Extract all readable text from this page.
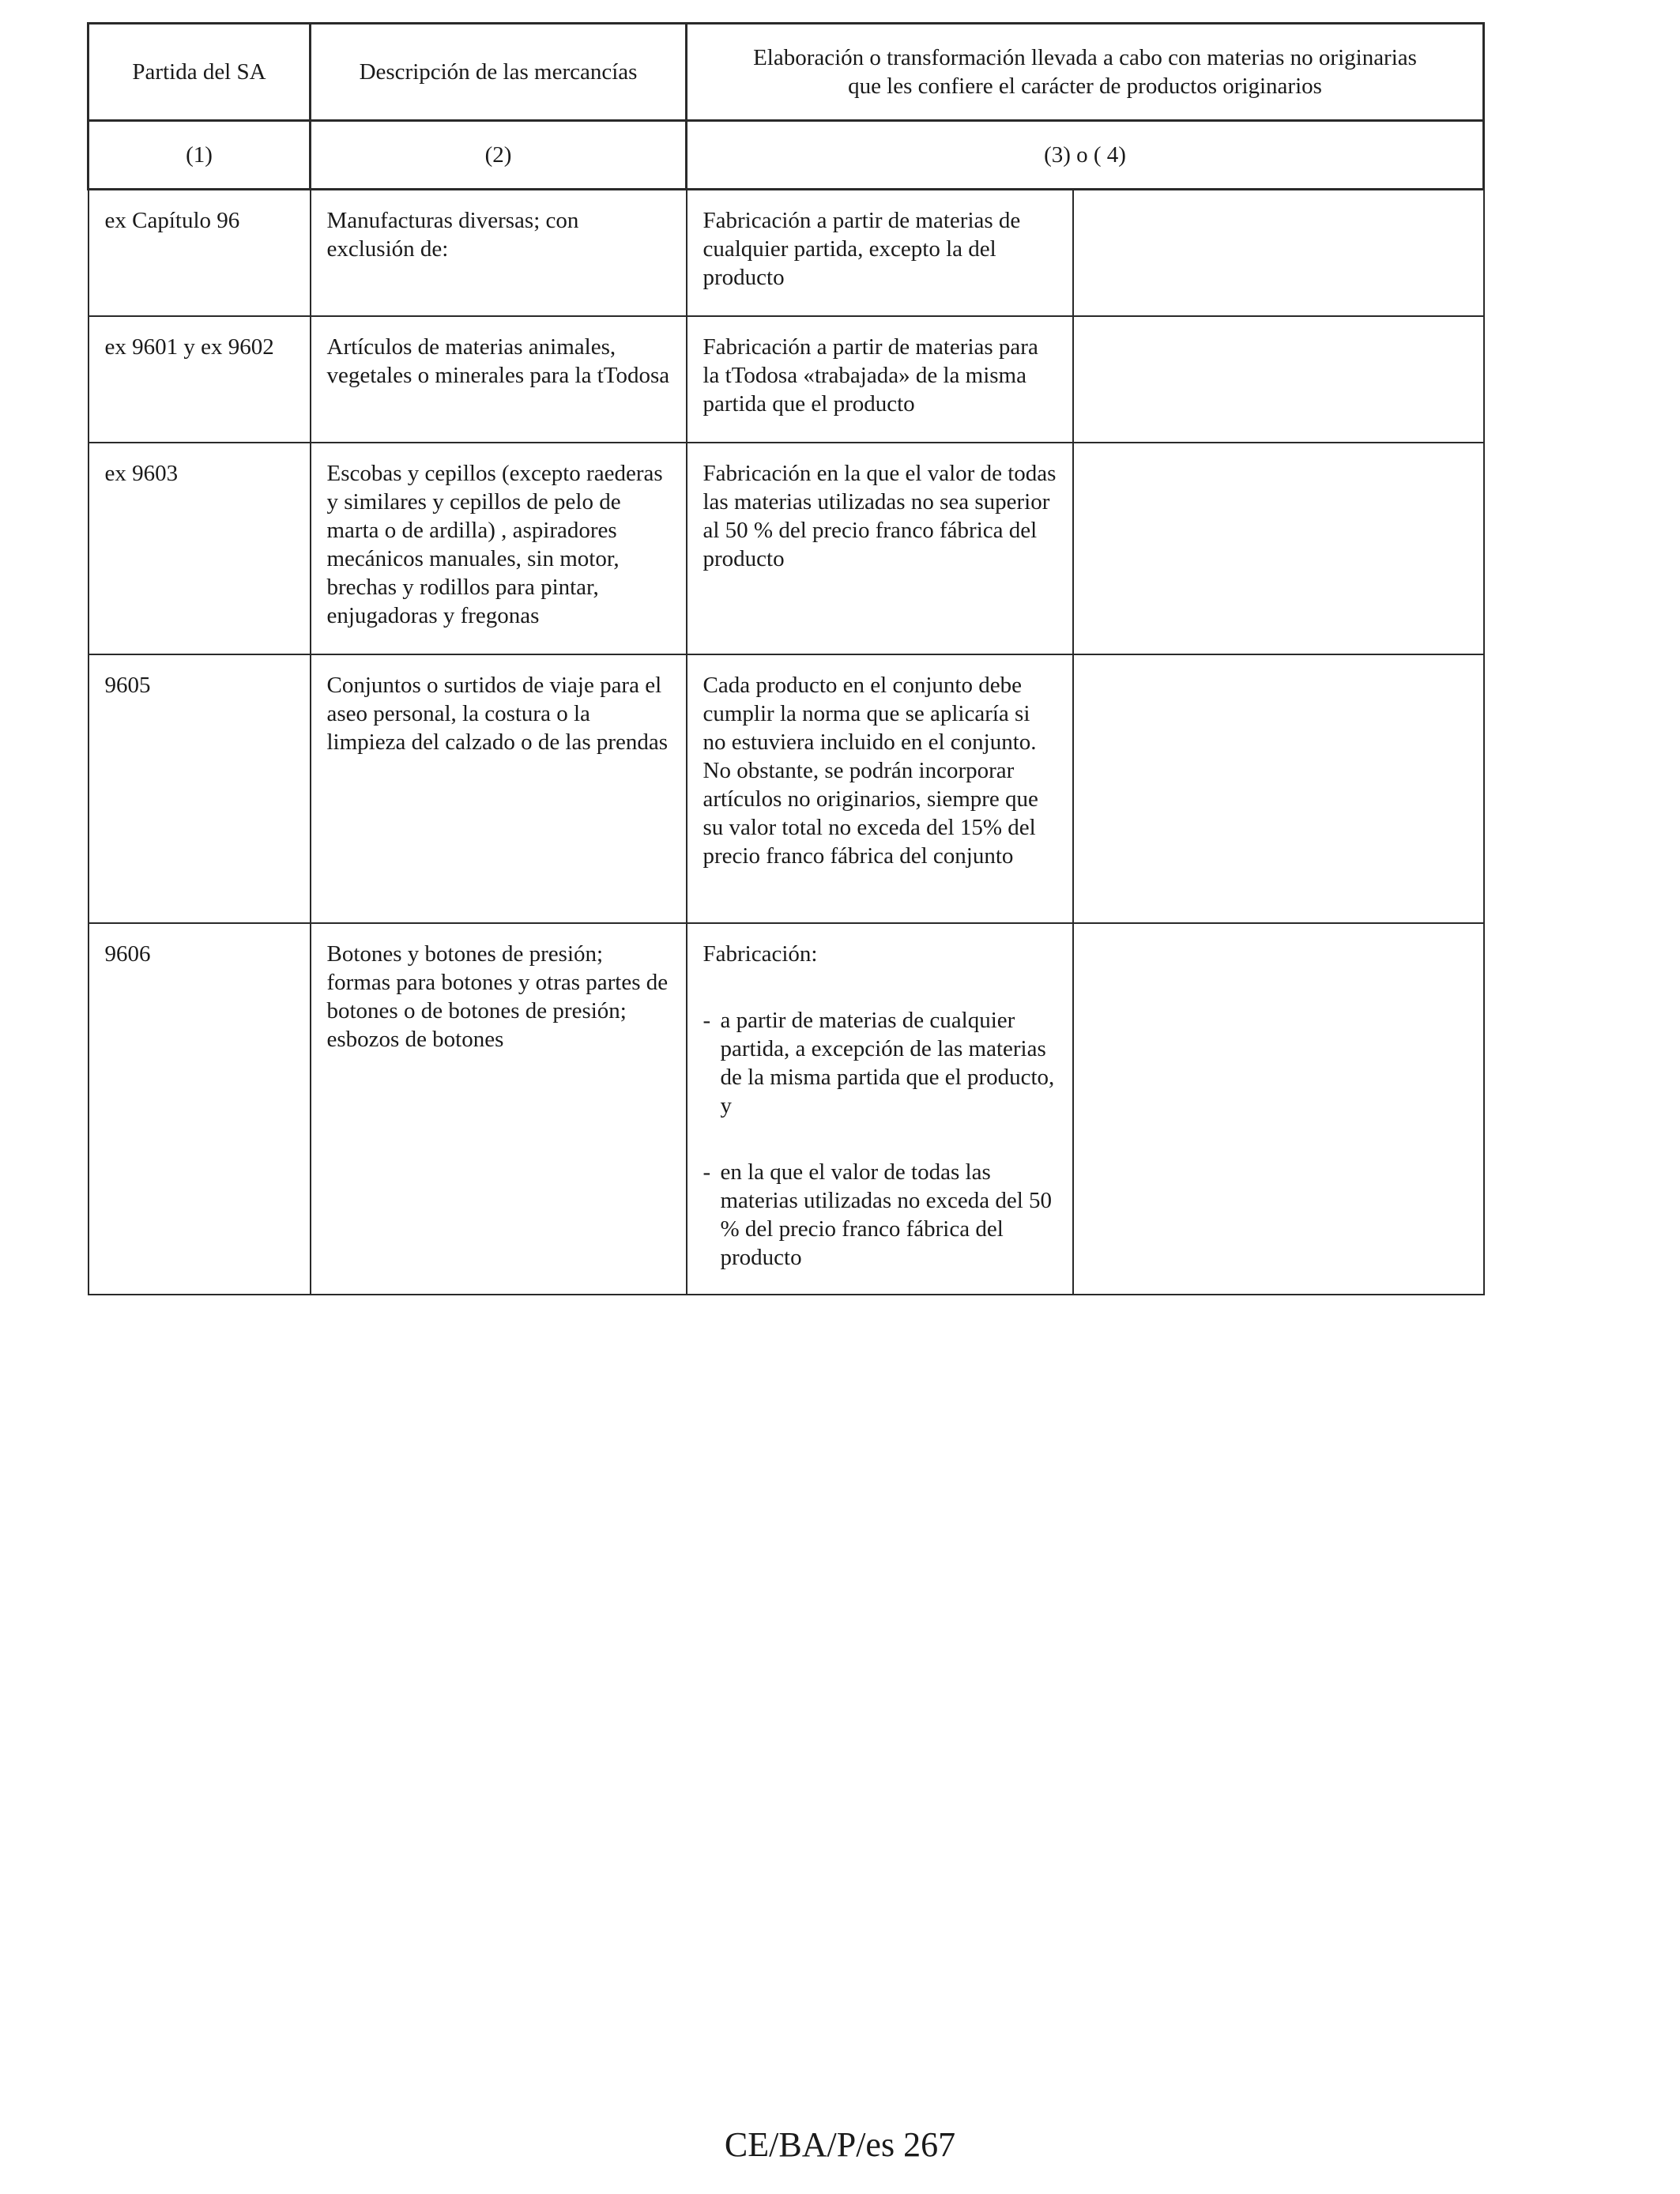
Partida del SA	Descripción de las mercancías	Elaboración o transformación llevada a cabo con materias no originarias
que les confiere el carácter de productos originarios	

(1)	(2)	(3) o ( 4)	

ex Capítulo 96	Manufacturas diversas; con exclusión de:	Fabricación a partir de materias de cualquier partida, excepto la del producto	

ex 9601 y ex 9602	Artículos de materias animales, vegetales o minerales para la tTodosa	Fabricación a partir de materias para la tTodosa «trabajada» de la misma partida que el producto	

ex 9603	Escobas y cepillos (excepto raederas y similares y cepillos de pelo de marta o de ardilla) , aspiradores mecánicos manuales, sin motor, brechas y rodillos para pintar, enjugadoras y fregonas	Fabricación en la que el valor de todas las materias utilizadas no sea superior al 50 % del precio franco fábrica del producto	

9605	Conjuntos o surtidos de viaje para el aseo personal, la costura o la limpieza del calzado o de las prendas	Cada producto en el conjunto debe cumplir la norma que se aplicaría si no estuviera incluido en el conjunto. No obstante, se podrán incorporar artículos no originarios, siempre que su valor total no exceda del 15% del precio franco fábrica del conjunto	

9606	Botones y botones de presión; formas para botones y otras partes de botones o de botones de presión; esbozos de botones	Fabricación:
- a partir de materias de cualquier partida, a excepción de las materias de la misma partida que el producto, y
- en la que el valor de todas las materias utilizadas no exceda del 50 % del precio franco fábrica del producto	

CE/BA/P/es 267
